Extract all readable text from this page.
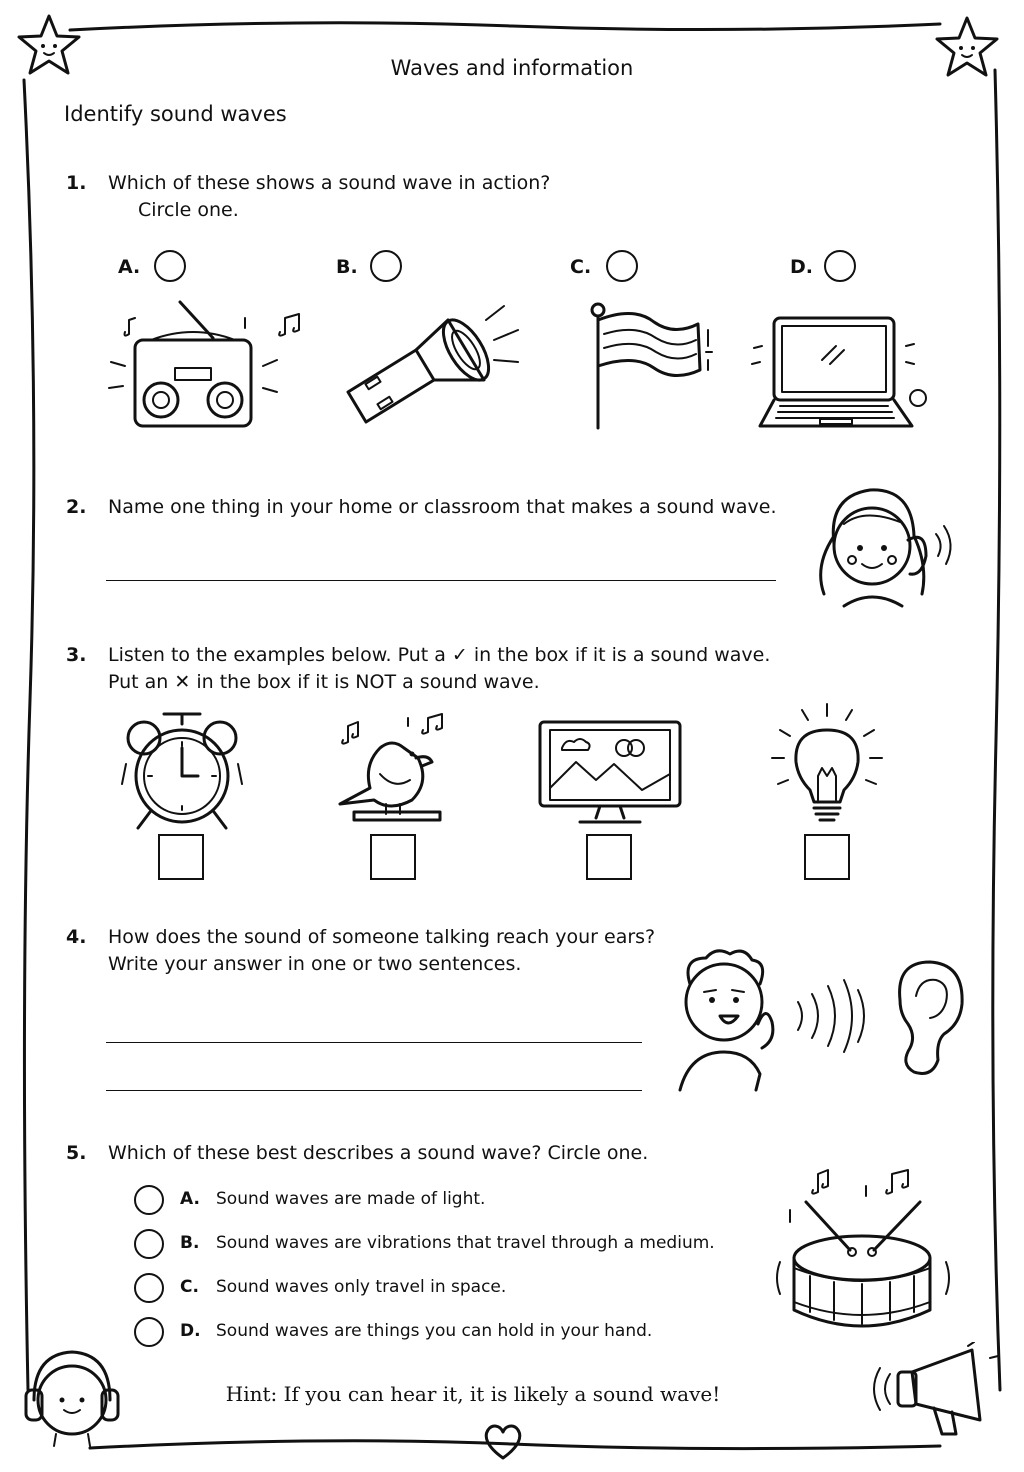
Waves and information
Identify sound waves
1. Which of these shows a sound wave in action?
Circle one.
A.	B.	C.	D.
2. Name one thing in your home or classroom that makes a sound wave.
3. Listen to the examples below. Put a ✓ in the box if it is a sound wave.
Put an ✕ in the box if it is NOT a sound wave.
4. How does the sound of someone talking reach your ears?
Write your answer in one or two sentences.
5. Which of these best describes a sound wave? Circle one.
A. Sound waves are made of light.
B. Sound waves are vibrations that travel through a medium.
C. Sound waves only travel in space.
D. Sound waves are things you can hold in your hand.
Hint: If you can hear it, it is likely a sound wave!
